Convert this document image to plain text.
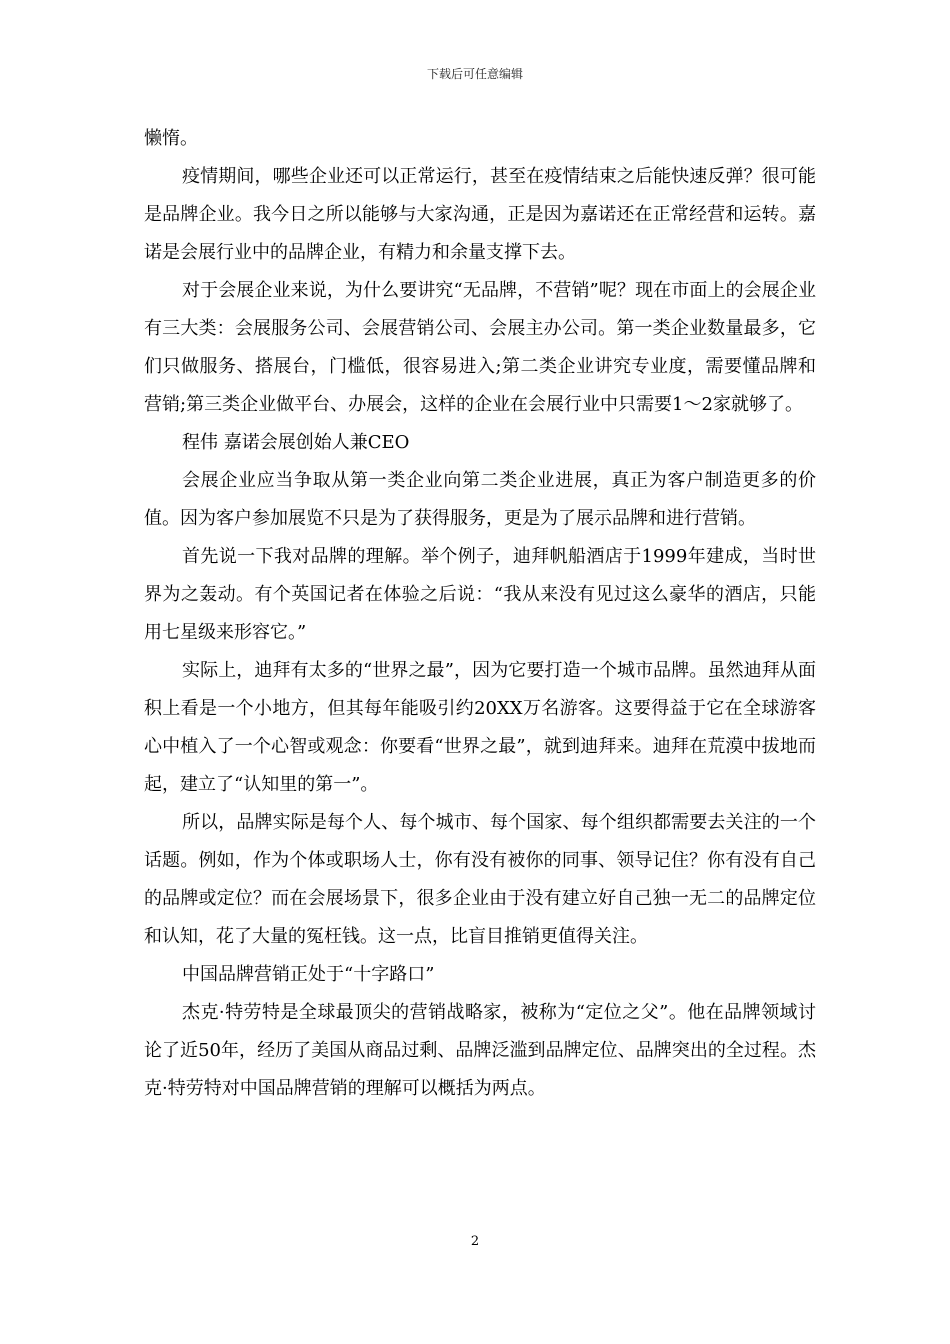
下载后可任意编辑

懒惰。

疫情期间，哪些企业还可以正常运行，甚至在疫情结束之后能快速反弹？很可能是品牌企业。我今日之所以能够与大家沟通，正是因为嘉诺还在正常经营和运转。嘉诺是会展行业中的品牌企业，有精力和余量支撑下去。

对于会展企业来说，为什么要讲究“无品牌，不营销”呢？现在市面上的会展企业有三大类：会展服务公司、会展营销公司、会展主办公司。第一类企业数量最多，它们只做服务、搭展台，门槛低，很容易进入;第二类企业讲究专业度，需要懂品牌和营销;第三类企业做平台、办展会，这样的企业在会展行业中只需要1～2家就够了。

程伟 嘉诺会展创始人兼CEO

会展企业应当争取从第一类企业向第二类企业进展，真正为客户制造更多的价值。因为客户参加展览不只是为了获得服务，更是为了展示品牌和进行营销。

首先说一下我对品牌的理解。举个例子，迪拜帆船酒店于1999年建成，当时世界为之轰动。有个英国记者在体验之后说：“我从来没有见过这么豪华的酒店，只能用七星级来形容它。”

实际上，迪拜有太多的“世界之最”，因为它要打造一个城市品牌。虽然迪拜从面积上看是一个小地方，但其每年能吸引约20XX万名游客。这要得益于它在全球游客心中植入了一个心智或观念：你要看“世界之最”，就到迪拜来。迪拜在荒漠中拔地而起，建立了“认知里的第一”。

所以，品牌实际是每个人、每个城市、每个国家、每个组织都需要去关注的一个话题。例如，作为个体或职场人士，你有没有被你的同事、领导记住？你有没有自己的品牌或定位？而在会展场景下，很多企业由于没有建立好自己独一无二的品牌定位和认知，花了大量的冤枉钱。这一点，比盲目推销更值得关注。

中国品牌营销正处于“十字路口”

杰克·特劳特是全球最顶尖的营销战略家，被称为“定位之父”。他在品牌领域讨论了近50年，经历了美国从商品过剩、品牌泛滥到品牌定位、品牌突出的全过程。杰克·特劳特对中国品牌营销的理解可以概括为两点。

2
